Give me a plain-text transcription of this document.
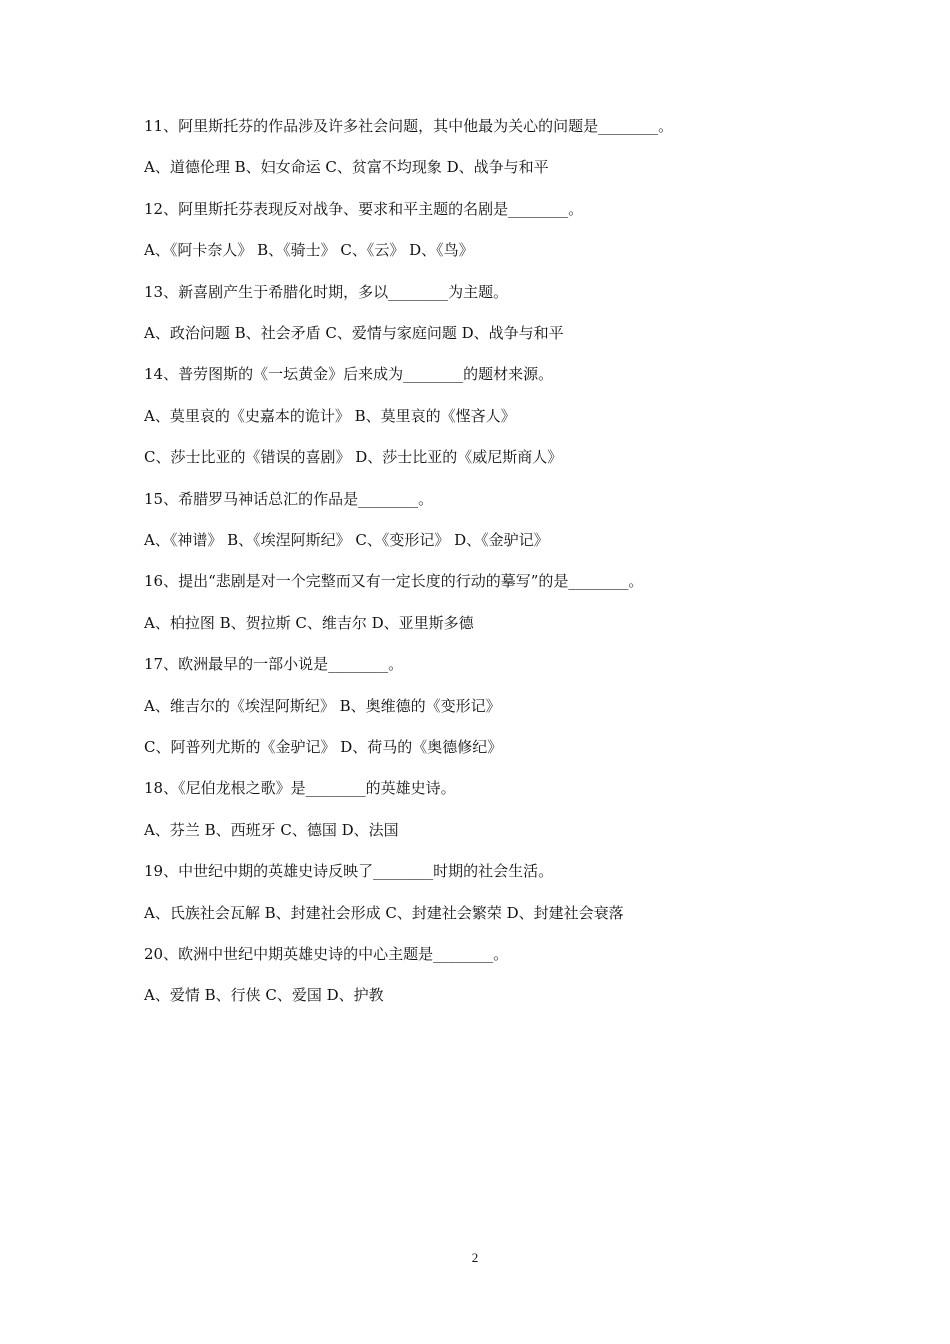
11、阿里斯托芬的作品涉及许多社会问题，其中他最为关心的问题是________。
A、道德伦理 B、妇女命运 C、贫富不均现象 D、战争与和平
12、阿里斯托芬表现反对战争、要求和平主题的名剧是________。
A、《阿卡奈人》 B、《骑士》 C、《云》 D、《鸟》
13、新喜剧产生于希腊化时期，多以________为主题。
A、政治问题 B、社会矛盾 C、爱情与家庭问题 D、战争与和平
14、普劳图斯的《一坛黄金》后来成为________的题材来源。
A、莫里哀的《史嘉本的诡计》 B、莫里哀的《悭吝人》
C、莎士比亚的《错误的喜剧》 D、莎士比亚的《威尼斯商人》
15、希腊罗马神话总汇的作品是________。
A、《神谱》 B、《埃涅阿斯纪》 C、《变形记》 D、《金驴记》
16、提出“悲剧是对一个完整而又有一定长度的行动的摹写”的是________。
A、柏拉图 B、贺拉斯 C、维吉尔 D、亚里斯多德
17、欧洲最早的一部小说是________。
A、维吉尔的《埃涅阿斯纪》 B、奥维德的《变形记》
C、阿普列尤斯的《金驴记》 D、荷马的《奥德修纪》
18、《尼伯龙根之歌》是________的英雄史诗。
A、芬兰 B、西班牙 C、德国 D、法国
19、中世纪中期的英雄史诗反映了________时期的社会生活。
A、氏族社会瓦解 B、封建社会形成 C、封建社会繁荣 D、封建社会衰落
20、欧洲中世纪中期英雄史诗的中心主题是________。
A、爱情 B、行侠 C、爱国 D、护教
2
